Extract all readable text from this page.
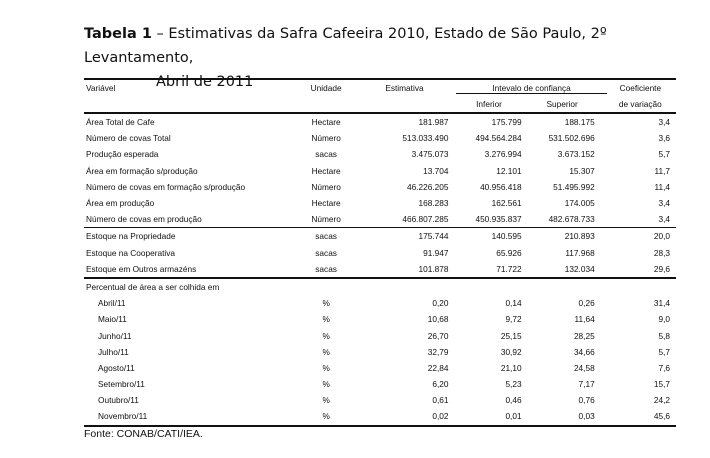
Tabela 1 – Estimativas da Safra Cafeeira 2010, Estado de São Paulo, 2º Levantamento,
Abril de 2011
Variável	Unidade	Estimativa	Intevalo de confiança		Coeficiente
			Inferior	Superior	de variação
Área Total de Cafe	Hectare	181.987	175.799	188.175	3,4
Número de covas Total	Número	513.033.490	494.564.284	531.502.696	3,6
Produção esperada	sacas	3.475.073	3.276.994	3.673.152	5,7
Área em formação s/produção	Hectare	13.704	12.101	15.307	11,7
Número de covas em formação s/produção	Número	46.226.205	40.956.418	51.495.992	11,4
Área em produção	Hectare	168.283	162.561	174.005	3,4
Número de covas em produção	Número	466.807.285	450.935.837	482.678.733	3,4
Estoque na Propriedade	sacas	175.744	140.595	210.893	20,0
Estoque na Cooperativa	sacas	91.947	65.926	117.968	28,3
Estoque em Outros armazéns	sacas	101.878	71.722	132.034	29,6
Percentual de área a ser colhida em					
Abril/11	%	0,20	0,14	0,26	31,4
Maio/11	%	10,68	9,72	11,64	9,0
Junho/11	%	26,70	25,15	28,25	5,8
Julho/11	%	32,79	30,92	34,66	5,7
Agosto/11	%	22,84	21,10	24,58	7,6
Setembro/11	%	6,20	5,23	7,17	15,7
Outubro/11	%	0,61	0,46	0,76	24,2
Novembro/11	%	0,02	0,01	0,03	45,6
Fonte: CONAB/CATI/IEA.
